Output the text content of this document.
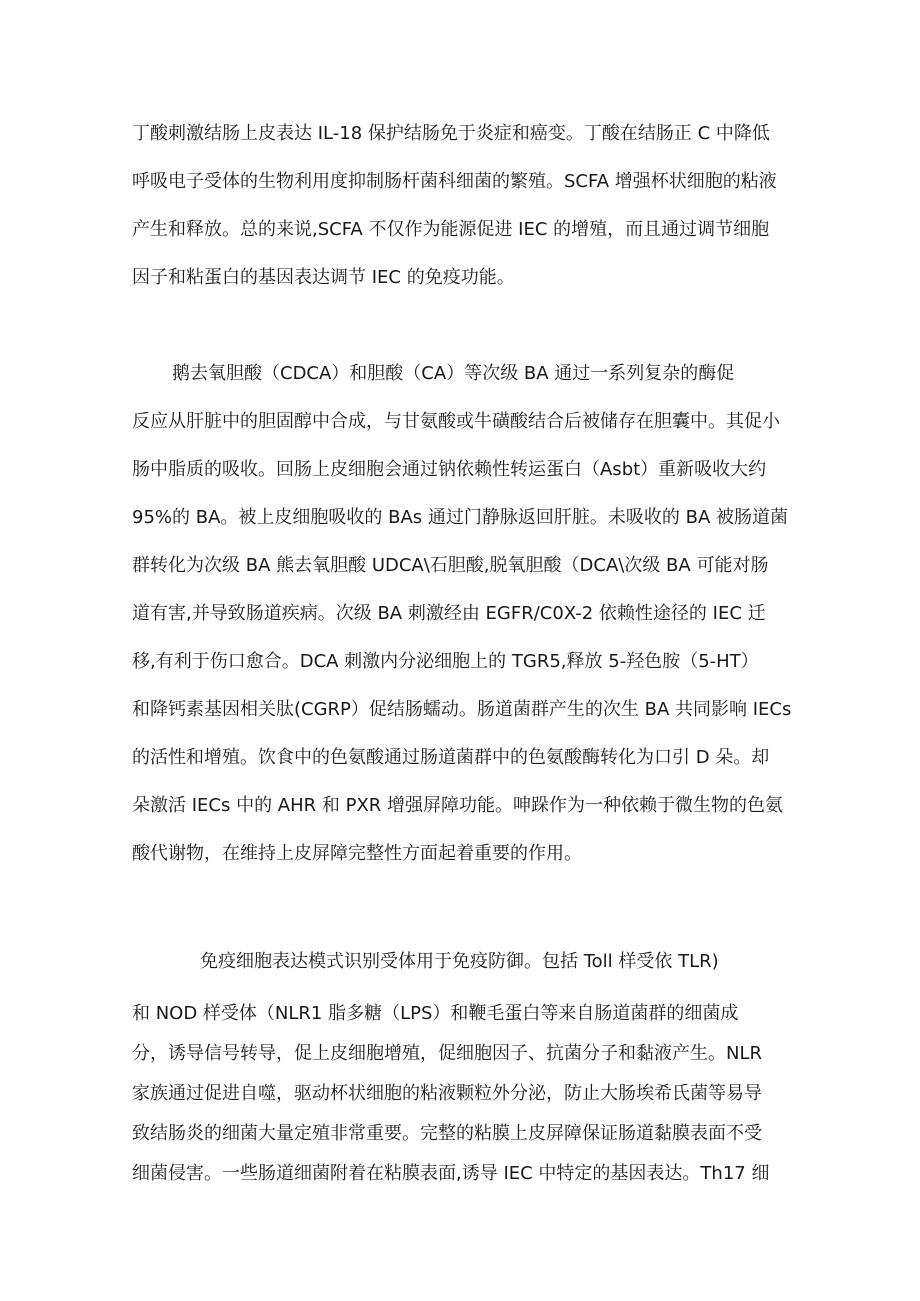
丁酸刺激结肠上皮表达 IL-18 保护结肠免于炎症和癌变。丁酸在结肠正 C 中降低
呼吸电子受体的生物利用度抑制肠杆菌科细菌的繁殖。SCFA 增强杯状细胞的粘液
产生和释放。总的来说,SCFA 不仅作为能源促进 IEC 的增殖，而且通过调节细胞
因子和粘蛋白的基因表达调节 IEC 的免疫功能。
鹅去氧胆酸（CDCA）和胆酸（CA）等次级 BA 通过一系列复杂的酶促
反应从肝脏中的胆固醇中合成，与甘氨酸或牛磺酸结合后被储存在胆囊中。其促小
肠中脂质的吸收。回肠上皮细胞会通过钠依赖性转运蛋白（Asbt）重新吸收大约
95%的 BA。被上皮细胞吸收的 BAs 通过门静脉返回肝脏。未吸收的 BA 被肠道菌
群转化为次级 BA 熊去氧胆酸 UDCA\石胆酸,脱氧胆酸（DCA\次级 BA 可能对肠
道有害,并导致肠道疾病。次级 BA 刺激经由 EGFR/C0X-2 依赖性途径的 IEC 迁
移,有利于伤口愈合。DCA 刺激内分泌细胞上的 TGR5,释放 5-羟色胺（5-HT）
和降钙素基因相关肽(CGRP）促结肠蠕动。肠道菌群产生的次生 BA 共同影响 IECs
的活性和增殖。饮食中的色氨酸通过肠道菌群中的色氨酸酶转化为口引 D 朵。却
朵激活 IECs 中的 AHR 和 PXR 增强屏障功能。呻跺作为一种依赖于微生物的色氨
酸代谢物，在维持上皮屏障完整性方面起着重要的作用。
免疫细胞表达模式识别受体用于免疫防御。包括 Toll 样受依 TLR)
和 NOD 样受体（NLR1 脂多糖（LPS）和鞭毛蛋白等来自肠道菌群的细菌成
分，诱导信号转导，促上皮细胞增殖，促细胞因子、抗菌分子和黏液产生。NLR
家族通过促进自噬，驱动杯状细胞的粘液颗粒外分泌，防止大肠埃希氏菌等易导
致结肠炎的细菌大量定殖非常重要。完整的粘膜上皮屏障保证肠道黏膜表面不受
细菌侵害。一些肠道细菌附着在粘膜表面,诱导 IEC 中特定的基因表达。Th17 细
